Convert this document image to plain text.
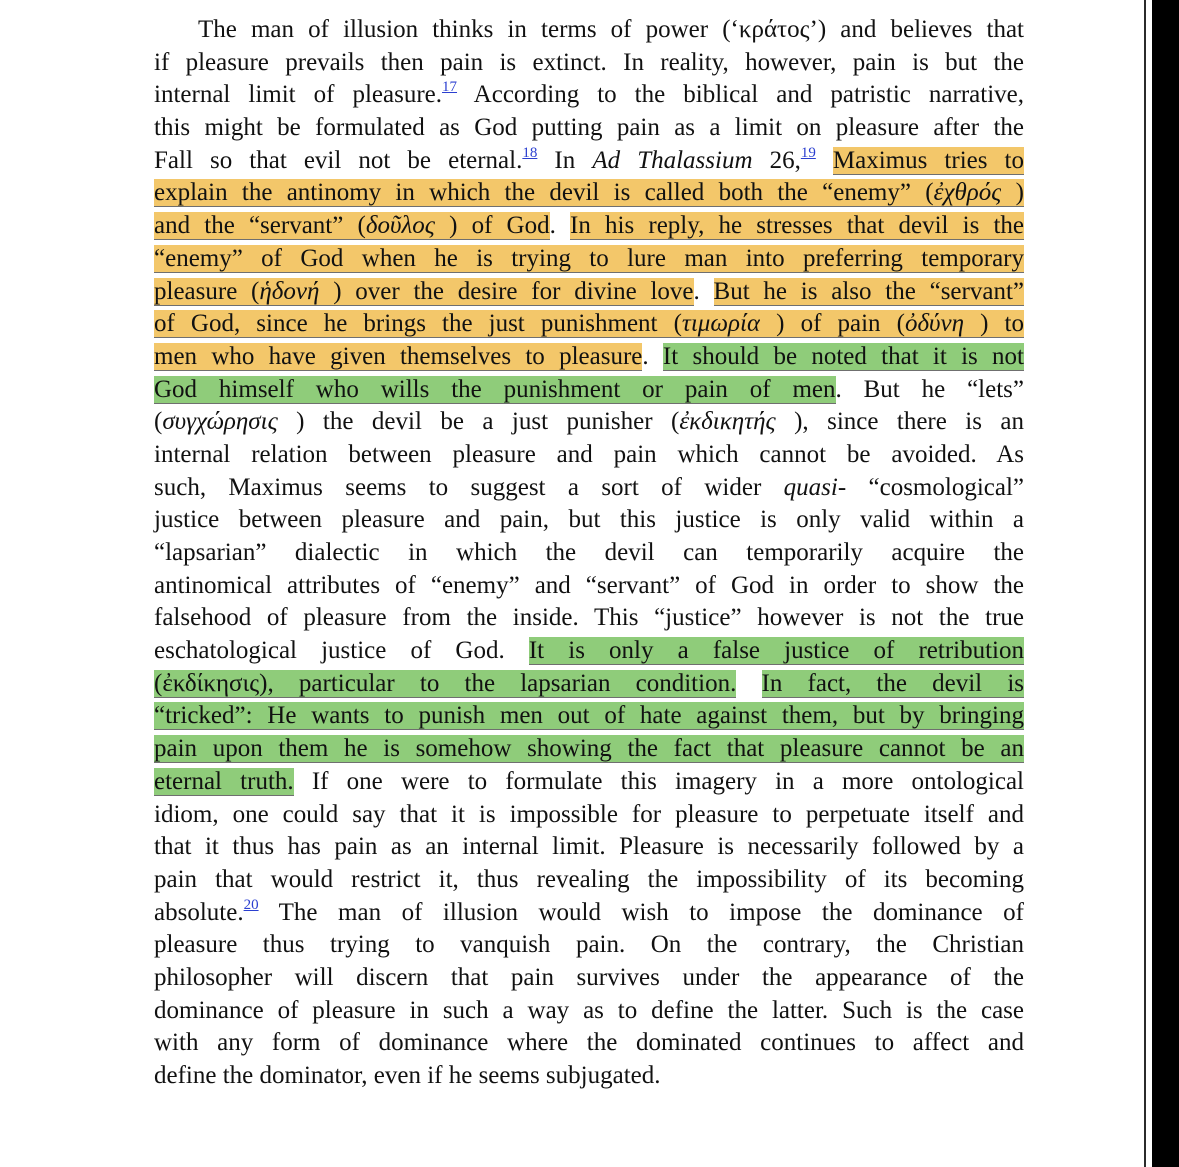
The man of illusion thinks in terms of power (‘κράτος’) and believes that
if pleasure prevails then pain is extinct. In reality, however, pain is but the
internal limit of pleasure.$^{17}$ According to the biblical and patristic narrative,
this might be formulated as God putting pain as a limit on pleasure after the
Fall so that evil not be eternal.$^{18}$ In Ad Thalassium 26,19 Maximus tries to
explain the antinomy in which the devil is called both the “enemy” (ἐχθρός )
and the “servant” (δοῦλος ) of God. In his reply, he stresses that devil is the
“enemy” of God when he is trying to lure man into preferring temporary
pleasure (ἡδονή ) over the desire for divine love. But he is also the “servant”
of God, since he brings the just punishment (τιμωρία ) of pain (ὀδύνη ) to
men who have given themselves to pleasure. It should be noted that it is not
God himself who wills the punishment or pain of men. But he “lets”
(συγχώρησις ) the devil be a just punisher (ἐκδικητής ), since there is an
internal relation between pleasure and pain which cannot be avoided. As
such, Maximus seems to suggest a sort of wider quasi- “cosmological”
justice between pleasure and pain, but this justice is only valid within a
“lapsarian” dialectic in which the devil can temporarily acquire the
antinomical attributes of “enemy” and “servant” of God in order to show the
falsehood of pleasure from the inside. This “justice” however is not the true
eschatological justice of God. It is only a false justice of retribution
(ἐκδίκησις), particular to the lapsarian condition. In fact, the devil is
“tricked”: He wants to punish men out of hate against them, but by bringing
pain upon them he is somehow showing the fact that pleasure cannot be an
eternal truth. If one were to formulate this imagery in a more ontological
idiom, one could say that it is impossible for pleasure to perpetuate itself and
that it thus has pain as an internal limit. Pleasure is necessarily followed by a
pain that would restrict it, thus revealing the impossibility of its becoming
absolute.$^{20}$ The man of illusion would wish to impose the dominance of
pleasure thus trying to vanquish pain. On the contrary, the Christian
philosopher will discern that pain survives under the appearance of the
dominance of pleasure in such a way as to define the latter. Such is the case
with any form of dominance where the dominated continues to affect and
define the dominator, even if he seems subjugated.
